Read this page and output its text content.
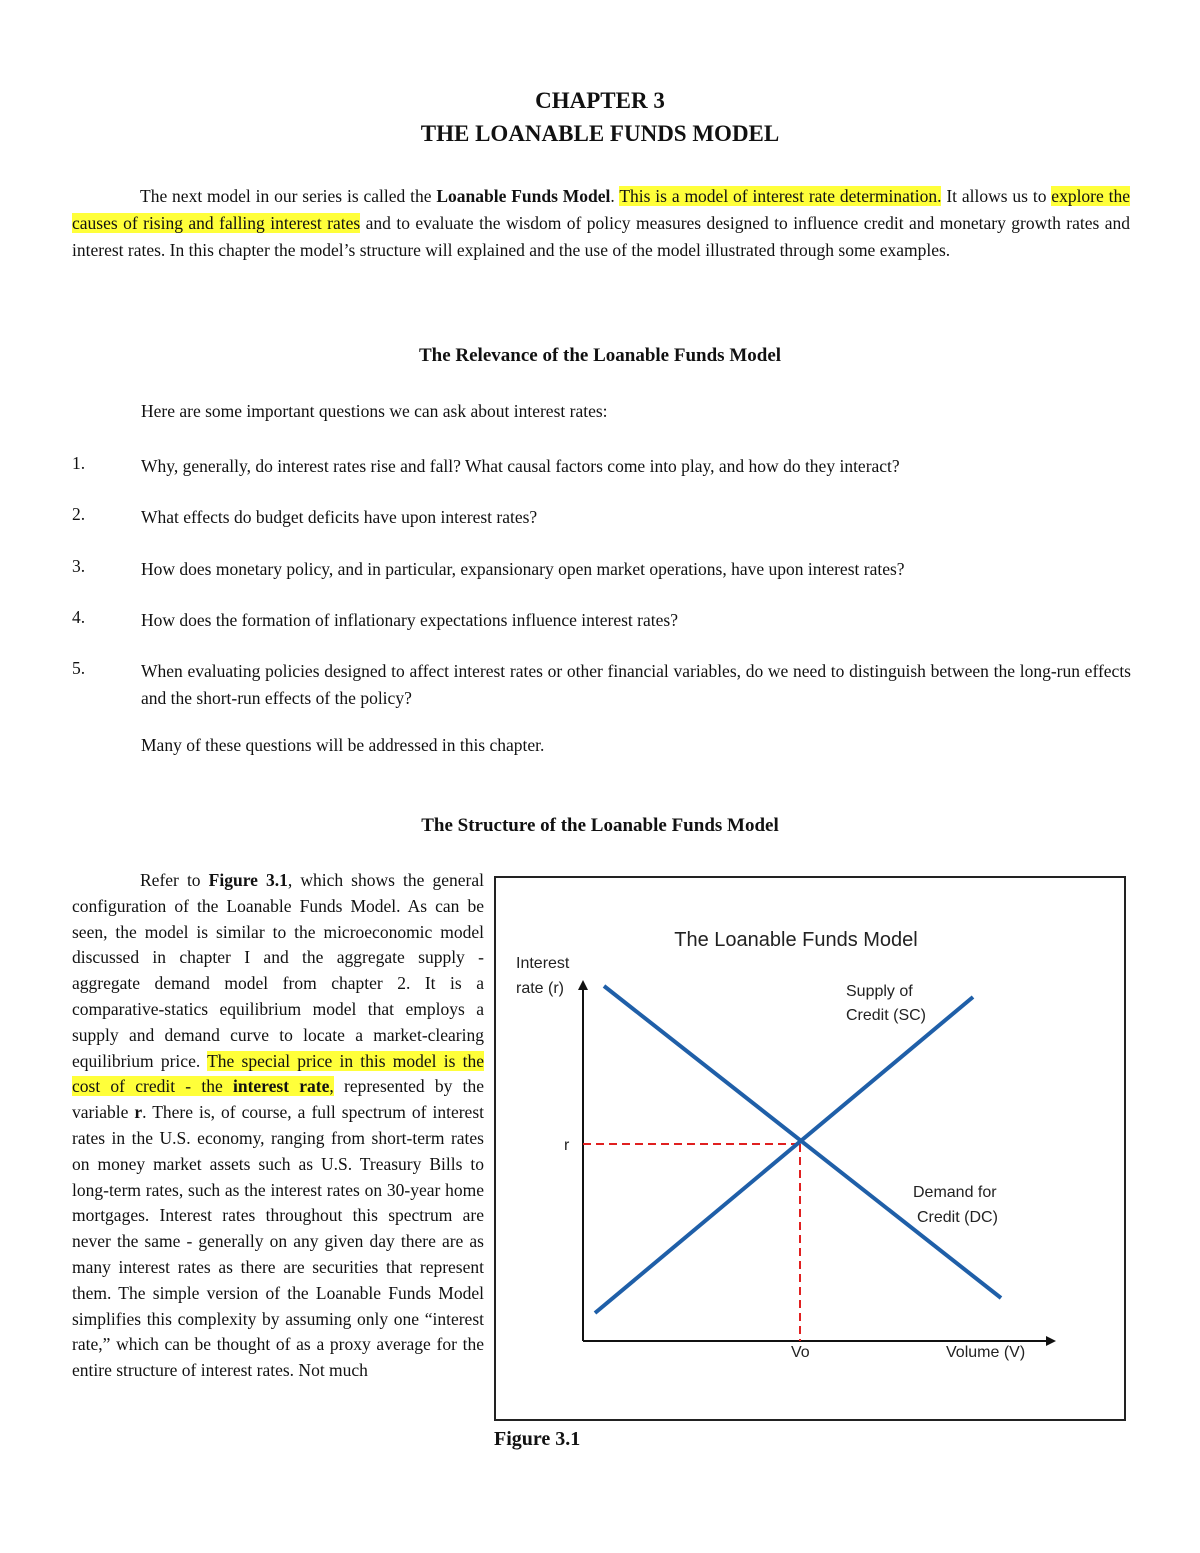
CHAPTER 3
THE LOANABLE FUNDS MODEL
The next model in our series is called the Loanable Funds Model. This is a model of interest rate determination. It allows us to explore the causes of rising and falling interest rates and to evaluate the wisdom of policy measures designed to influence credit and monetary growth rates and interest rates. In this chapter the model’s structure will explained and the use of the model illustrated through some examples.
The Relevance of the Loanable Funds Model
Here are some important questions we can ask about interest rates:
1.	Why, generally, do interest rates rise and fall? What causal factors come into play, and how do they interact?
2.	What effects do budget deficits have upon interest rates?
3.	How does monetary policy, and in particular, expansionary open market operations, have upon interest rates?
4.	How does the formation of inflationary expectations influence interest rates?
5.	When evaluating policies designed to affect interest rates or other financial variables, do we need to distinguish between the long-run effects and the short-run effects of the policy?
Many of these questions will be addressed in this chapter.
The Structure of the Loanable Funds Model
Refer to Figure 3.1, which shows the general configuration of the Loanable Funds Model. As can be seen, the model is similar to the microeconomic model discussed in chapter I and the aggregate supply - aggregate demand model from chapter 2. It is a comparative-statics equilibrium model that employs a supply and demand curve to locate a market-clearing equilibrium price. The special price in this model is the cost of credit - the interest rate, represented by the variable r. There is, of course, a full spectrum of interest rates in the U.S. economy, ranging from short-term rates on money market assets such as U.S. Treasury Bills to long-term rates, such as the interest rates on 30-year home mortgages. Interest rates throughout this spectrum are never the same - generally on any given day there are as many interest rates as there are securities that represent them. The simple version of the Loanable Funds Model simplifies this complexity by assuming only one “interest rate,” which can be thought of as a proxy average for the entire structure of interest rates. Not much
The Loanable Funds Model
Interest
rate (r)
r
Vo	Volume (V)
Supply of
Credit (SC)
Demand for
Credit (DC)
Figure 3.1
